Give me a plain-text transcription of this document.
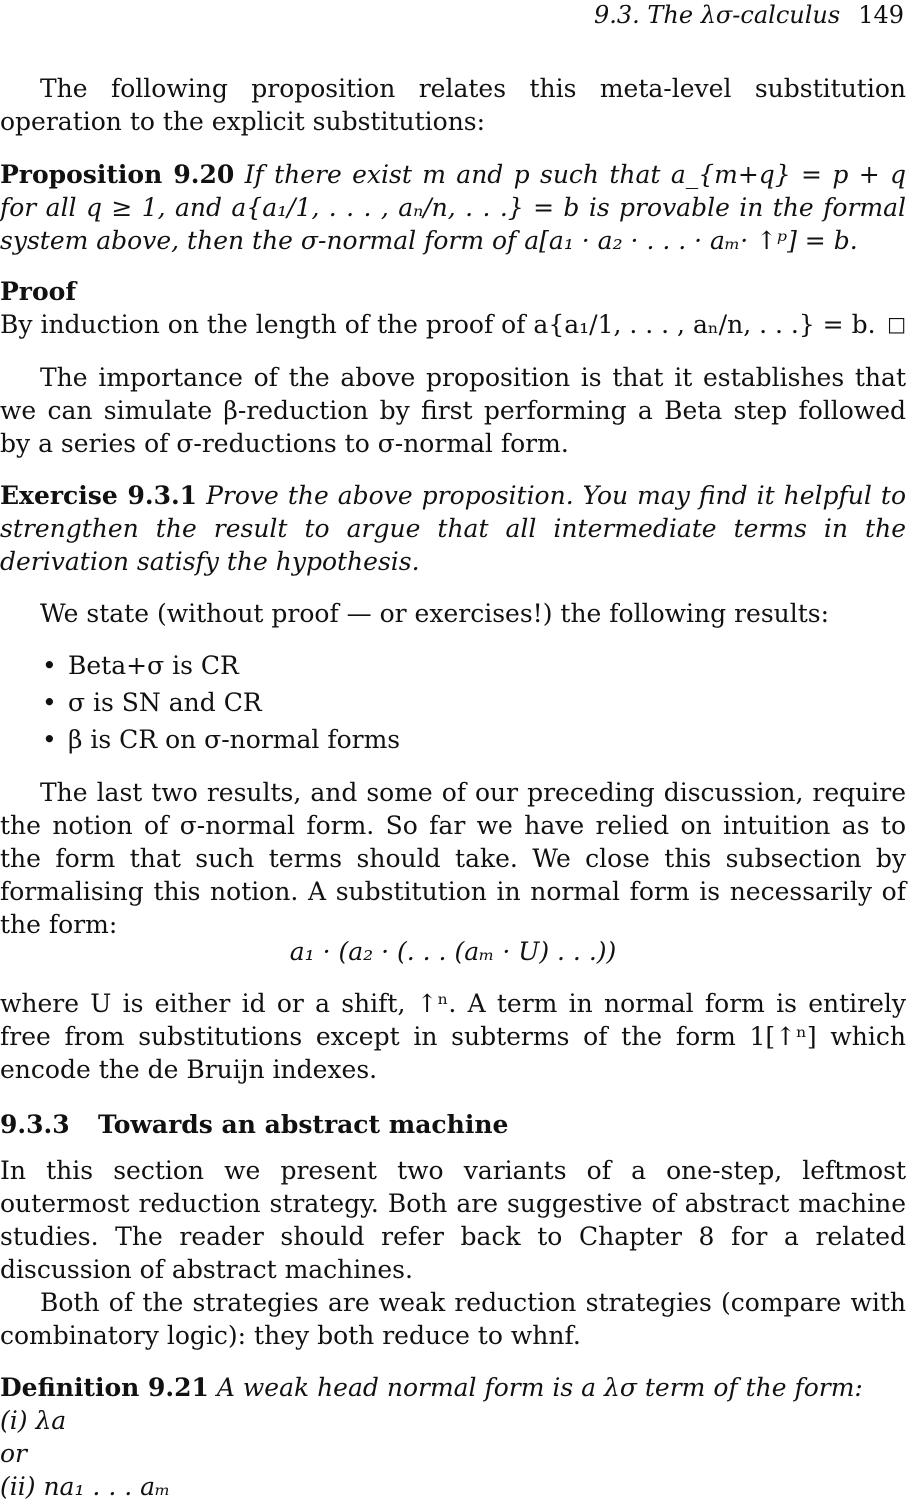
9.3. The λσ-calculus 149

The following proposition relates this meta-level substitution operation to the explicit substitutions:

Proposition 9.20 If there exist m and p such that a_{m+q} = p + q for all q ≥ 1, and a{a₁/1, . . . , aₙ/n, . . .} = b is provable in the formal system above, then the σ-normal form of a[a₁ · a₂ · . . . · aₘ· ↑ᵖ] = b.

Proof

By induction on the length of the proof of a{a₁/1, . . . , aₙ/n, . . .} = b. □

The importance of the above proposition is that it establishes that we can simulate β-reduction by first performing a Beta step followed by a series of σ-reductions to σ-normal form.

Exercise 9.3.1 Prove the above proposition. You may find it helpful to strengthen the result to argue that all intermediate terms in the derivation satisfy the hypothesis.

We state (without proof — or exercises!) the following results:

• Beta+σ is CR
• σ is SN and CR
• β is CR on σ-normal forms

The last two results, and some of our preceding discussion, require the notion of σ-normal form. So far we have relied on intuition as to the form that such terms should take. We close this subsection by formalising this notion. A substitution in normal form is necessarily of the form:

a₁ · (a₂ · (. . . (aₘ · U) . . .))

where U is either id or a shift, ↑ⁿ. A term in normal form is entirely free from substitutions except in subterms of the form 1[↑ⁿ] which encode the de Bruijn indexes.

9.3.3 Towards an abstract machine

In this section we present two variants of a one-step, leftmost outermost reduction strategy. Both are suggestive of abstract machine studies. The reader should refer back to Chapter 8 for a related discussion of abstract machines.

Both of the strategies are weak reduction strategies (compare with combinatory logic): they both reduce to whnf.

Definition 9.21 A weak head normal form is a λσ term of the form:

(i) λa

or

(ii) na₁ . . . aₘ
